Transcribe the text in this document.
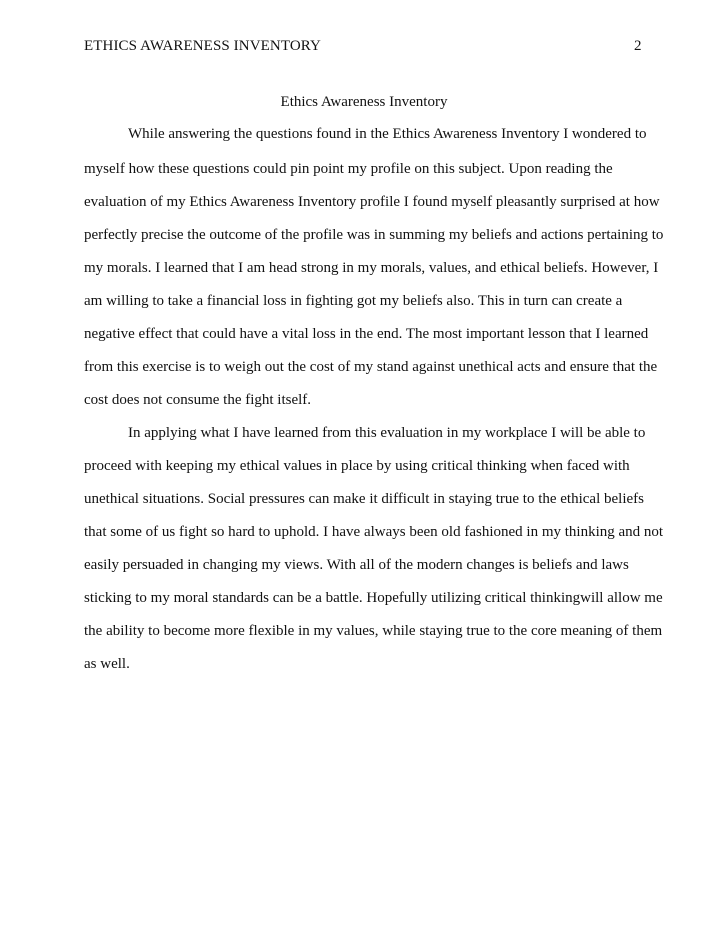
ETHICS AWARENESS INVENTORY	2
Ethics Awareness Inventory
While answering the questions found in the Ethics Awareness Inventory I wondered to
myself how these questions could pin point my profile on this subject. Upon reading the
evaluation of my Ethics Awareness Inventory profile I found myself pleasantly surprised at how
perfectly precise the outcome of the profile was in summing my beliefs and actions pertaining to
my morals. I learned that I am head strong in my morals, values, and ethical beliefs. However, I
am willing to take a financial loss in fighting got my beliefs also. This in turn can create a
negative effect that could have a vital loss in the end. The most important lesson that I learned
from this exercise is to weigh out the cost of my stand against unethical acts and ensure that the
cost does not consume the fight itself.
In applying what I have learned from this evaluation in my workplace I will be able to
proceed with keeping my ethical values in place by using critical thinking when faced with
unethical situations. Social pressures can make it difficult in staying true to the ethical beliefs
that some of us fight so hard to uphold. I have always been old fashioned in my thinking and not
easily persuaded in changing my views. With all of the modern changes is beliefs and laws
sticking to my moral standards can be a battle. Hopefully utilizing critical thinkingwill allow me
the ability to become more flexible in my values, while staying true to the core meaning of them
as well.
